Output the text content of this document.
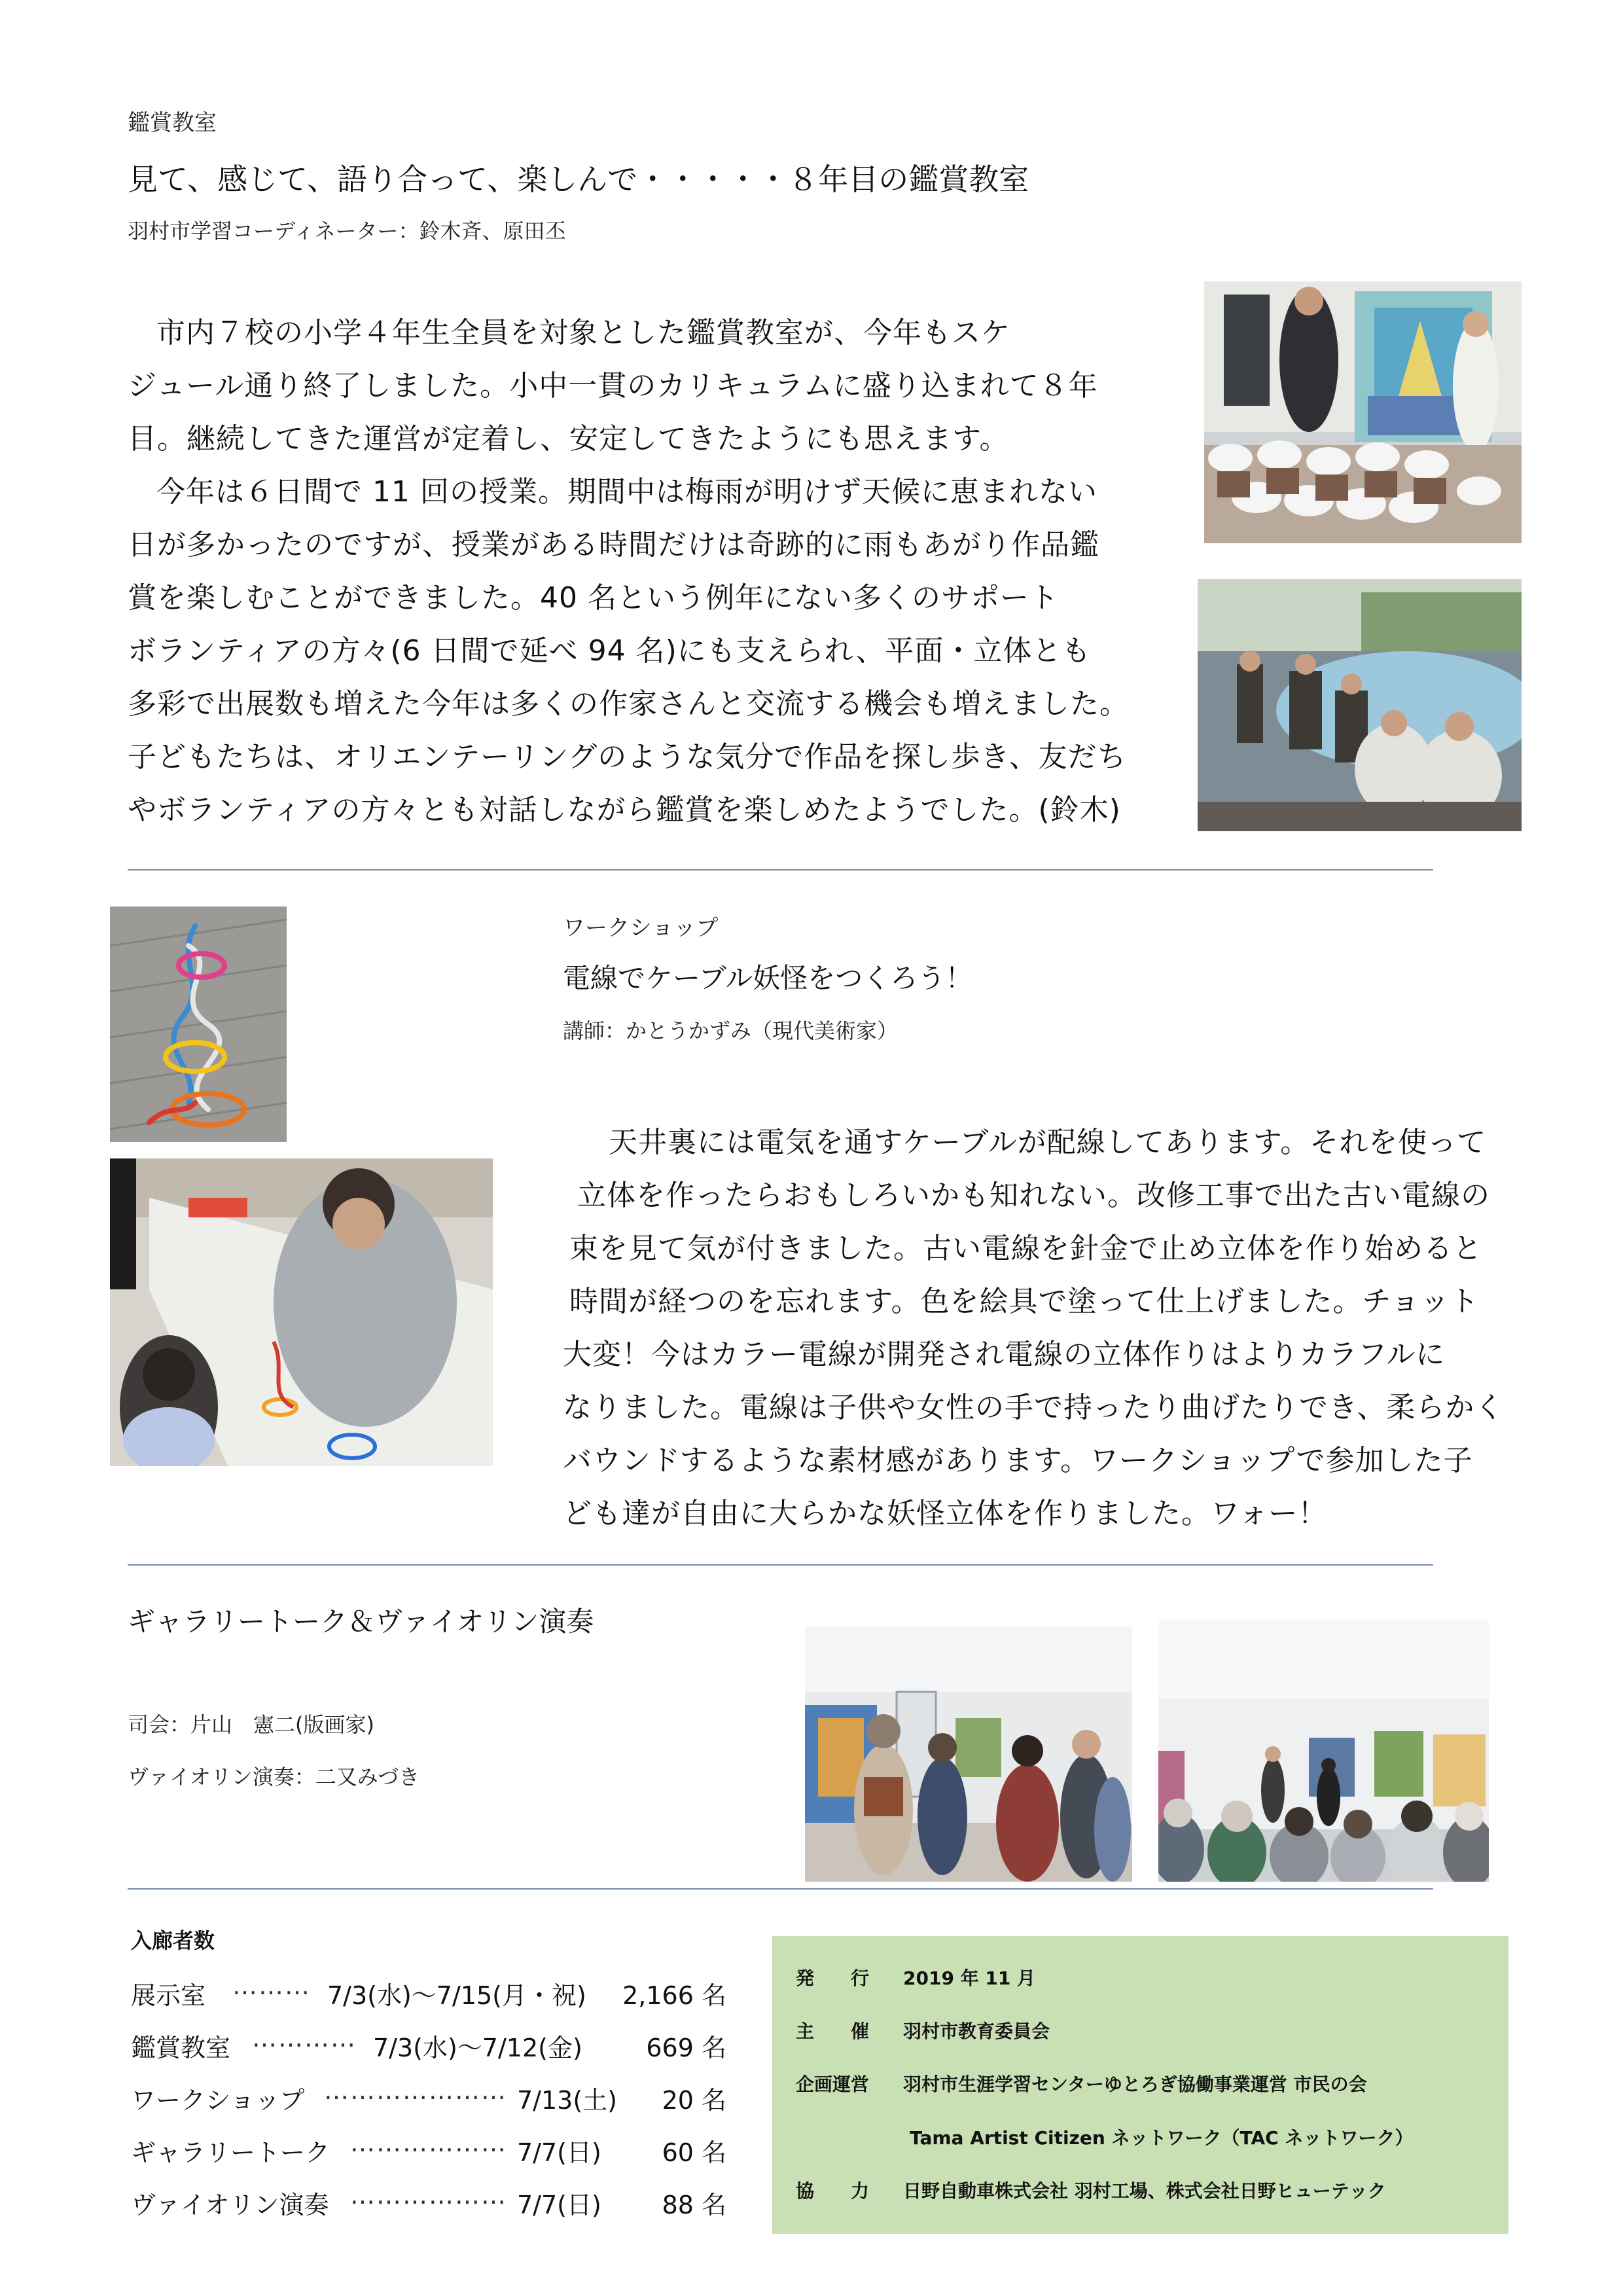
鑑賞教室
見て、感じて、語り合って、楽しんで・・・・・８年目の鑑賞教室
羽村市学習コーディネーター：鈴木斉、原田丕
市内７校の小学４年生全員を対象とした鑑賞教室が、今年もスケ
ジュール通り終了しました。小中一貫のカリキュラムに盛り込まれて８年
目。継続してきた運営が定着し、安定してきたようにも思えます。
今年は６日間で 11 回の授業。期間中は梅雨が明けず天候に恵まれない
日が多かったのですが、授業がある時間だけは奇跡的に雨もあがり作品鑑
賞を楽しむことができました。40 名という例年にない多くのサポート
ボランティアの方々(6 日間で延べ 94 名)にも支えられ、平面・立体とも
多彩で出展数も増えた今年は多くの作家さんと交流する機会も増えました。
子どもたちは、オリエンテーリングのような気分で作品を探し歩き、友だち
やボランティアの方々とも対話しながら鑑賞を楽しめたようでした。(鈴木)
ワークショップ
電線でケーブル妖怪をつくろう！
講師：かとうかずみ（現代美術家）
天井裏には電気を通すケーブルが配線してあります。それを使って
立体を作ったらおもしろいかも知れない。改修工事で出た古い電線の
束を見て気が付きました。古い電線を針金で止め立体を作り始めると
時間が経つのを忘れます。色を絵具で塗って仕上げました。チョット
大変！今はカラー電線が開発され電線の立体作りはよりカラフルに
なりました。電線は子供や女性の手で持ったり曲げたりでき、柔らかく
バウンドするような素材感があります。ワークショップで参加した子
ども達が自由に大らかな妖怪立体を作りました。ワォー！
ギャラリートーク＆ヴァイオリン演奏
司会：片山　憲二(版画家)
ヴァイオリン演奏：二又みづき
入廊者数
展示室 ……… 7/3(水)～7/15(月・祝) 2,166 名
鑑賞教室 ………… 7/3(水)～7/12(金)	669 名
ワークショップ ………………… 7/13(土) 20 名
ギャラリートーク ……………… 7/7(日) 60 名
ヴァイオリン演奏 ……………… 7/7(日) 88 名
発　　行	2019 年 11 月
主　　催	羽村市教育委員会
企画運営	羽村市生涯学習センターゆとろぎ協働事業運営 市民の会
Tama Artist Citizen ネットワーク（TAC ネットワーク）
協　　力	日野自動車株式会社 羽村工場、株式会社日野ヒューテック
